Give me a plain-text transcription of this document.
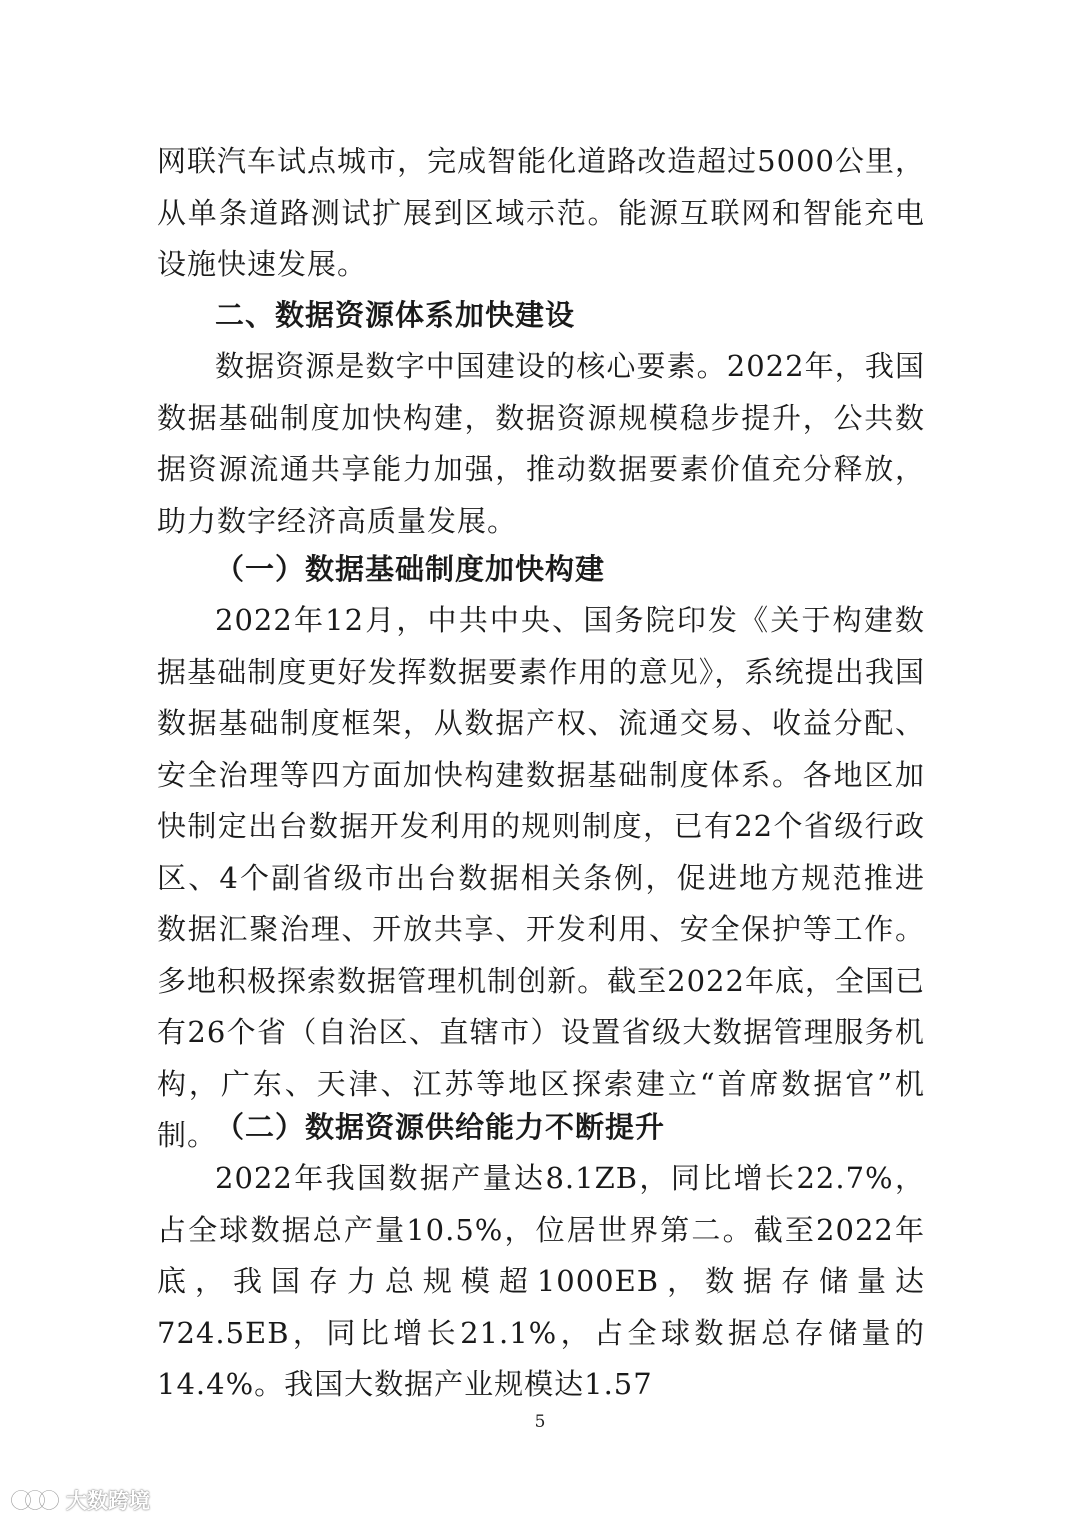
网联汽车试点城市，完成智能化道路改造超过5000公里，从单条道路测试扩展到区域示范。能源互联网和智能充电设施快速发展。

二、数据资源体系加快建设

数据资源是数字中国建设的核心要素。2022年，我国数据基础制度加快构建，数据资源规模稳步提升，公共数据资源流通共享能力加强，推动数据要素价值充分释放，助力数字经济高质量发展。

（一）数据基础制度加快构建

2022年12月，中共中央、国务院印发《关于构建数据基础制度更好发挥数据要素作用的意见》，系统提出我国数据基础制度框架，从数据产权、流通交易、收益分配、安全治理等四方面加快构建数据基础制度体系。各地区加快制定出台数据开发利用的规则制度，已有22个省级行政区、4个副省级市出台数据相关条例，促进地方规范推进数据汇聚治理、开放共享、开发利用、安全保护等工作。多地积极探索数据管理机制创新。截至2022年底，全国已有26个省（自治区、直辖市）设置省级大数据管理服务机构，广东、天津、江苏等地区探索建立“首席数据官”机制。

（二）数据资源供给能力不断提升

2022年我国数据产量达8.1ZB，同比增长22.7%，占全球数据总产量10.5%，位居世界第二。截至2022年底，我国存力总规模超1000EB，数据存储量达724.5EB，同比增长21.1%，占全球数据总存储量的14.4%。我国大数据产业规模达1.57

5
大数跨境
